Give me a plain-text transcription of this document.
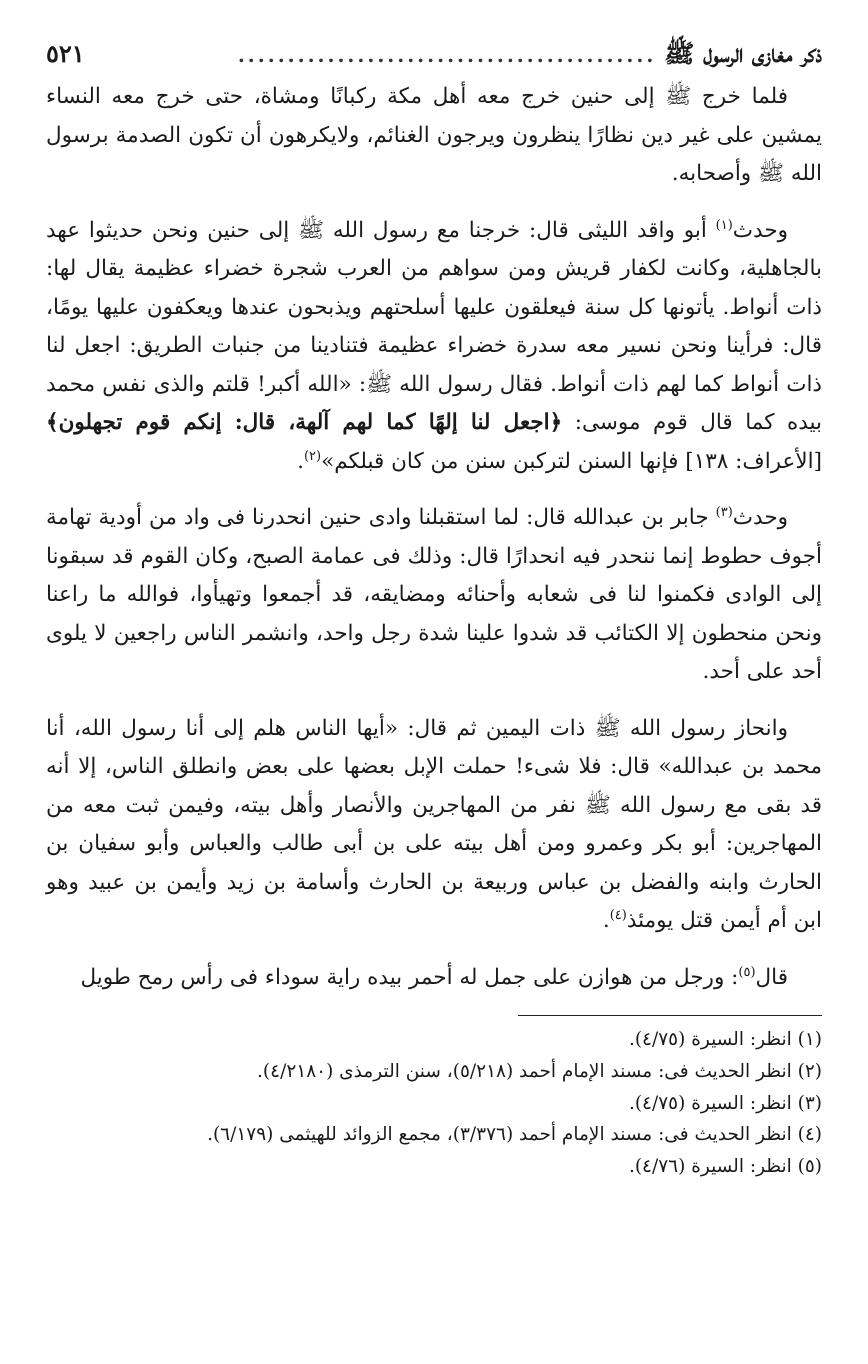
ذكر مغازى الرسول ﷺ
..........................................
٥٢١

فلما خرج ﷺ إلى حنين خرج معه أهل مكة ركبانًا ومشاة، حتى خرج معه النساء يمشين على غير دين نظارًا ينظرون ويرجون الغنائم، ولايكرهون أن تكون الصدمة برسول الله ﷺ وأصحابه.

وحدث$^{(١)}$ أبو واقد الليثى قال: خرجنا مع رسول الله ﷺ إلى حنين ونحن حديثوا عهد بالجاهلية، وكانت لكفار قريش ومن سواهم من العرب شجرة خضراء عظيمة يقال لها: ذات أنواط. يأتونها كل سنة فيعلقون عليها أسلحتهم ويذبحون عندها ويعكفون عليها يومًا، قال: فرأينا ونحن نسير معه سدرة خضراء عظيمة فتنادينا من جنبات الطريق: اجعل لنا ذات أنواط كما لهم ذات أنواط. فقال رسول الله ﷺ: «الله أكبر! قلتم والذى نفس محمد بيده كما قال قوم موسى: ﴿اجعل لنا إلهًا كما لهم آلهة، قال: إنكم قوم تجهلون﴾ [الأعراف: ١٣٨] فإنها السنن لتركبن سنن من كان قبلكم»$^{(٢)}$.

وحدث$^{(٣)}$ جابر بن عبدالله قال: لما استقبلنا وادى حنين انحدرنا فى واد من أودية تهامة أجوف حطوط إنما ننحدر فيه انحدارًا قال: وذلك فى عمامة الصبح، وكان القوم قد سبقونا إلى الوادى فكمنوا لنا فى شعابه وأحنائه ومضايقه، قد أجمعوا وتهيأوا، فوالله ما راعنا ونحن منحطون إلا الكتائب قد شدوا علينا شدة رجل واحد، وانشمر الناس راجعين لا يلوى أحد على أحد.

وانحاز رسول الله ﷺ ذات اليمين ثم قال: «أيها الناس هلم إلى أنا رسول الله، أنا محمد بن عبدالله» قال: فلا شىء! حملت الإبل بعضها على بعض وانطلق الناس، إلا أنه قد بقى مع رسول الله ﷺ نفر من المهاجرين والأنصار وأهل بيته، وفيمن ثبت معه من المهاجرين: أبو بكر وعمرو ومن أهل بيته على بن أبى طالب والعباس وأبو سفيان بن الحارث وابنه والفضل بن عباس وربيعة بن الحارث وأسامة بن زيد وأيمن بن عبيد وهو ابن أم أيمن قتل يومئذ$^{(٤)}$.

قال$^{(٥)}$: ورجل من هوازن على جمل له أحمر بيده راية سوداء فى رأس رمح طويل

(١) انظر: السيرة (٤/٧٥).
(٢) انظر الحديث فى: مسند الإمام أحمد (٥/٢١٨)، سنن الترمذى (٤/٢١٨٠).
(٣) انظر: السيرة (٤/٧٥).
(٤) انظر الحديث فى: مسند الإمام أحمد (٣/٣٧٦)، مجمع الزوائد للهيثمى (٦/١٧٩).
(٥) انظر: السيرة (٤/٧٦).
